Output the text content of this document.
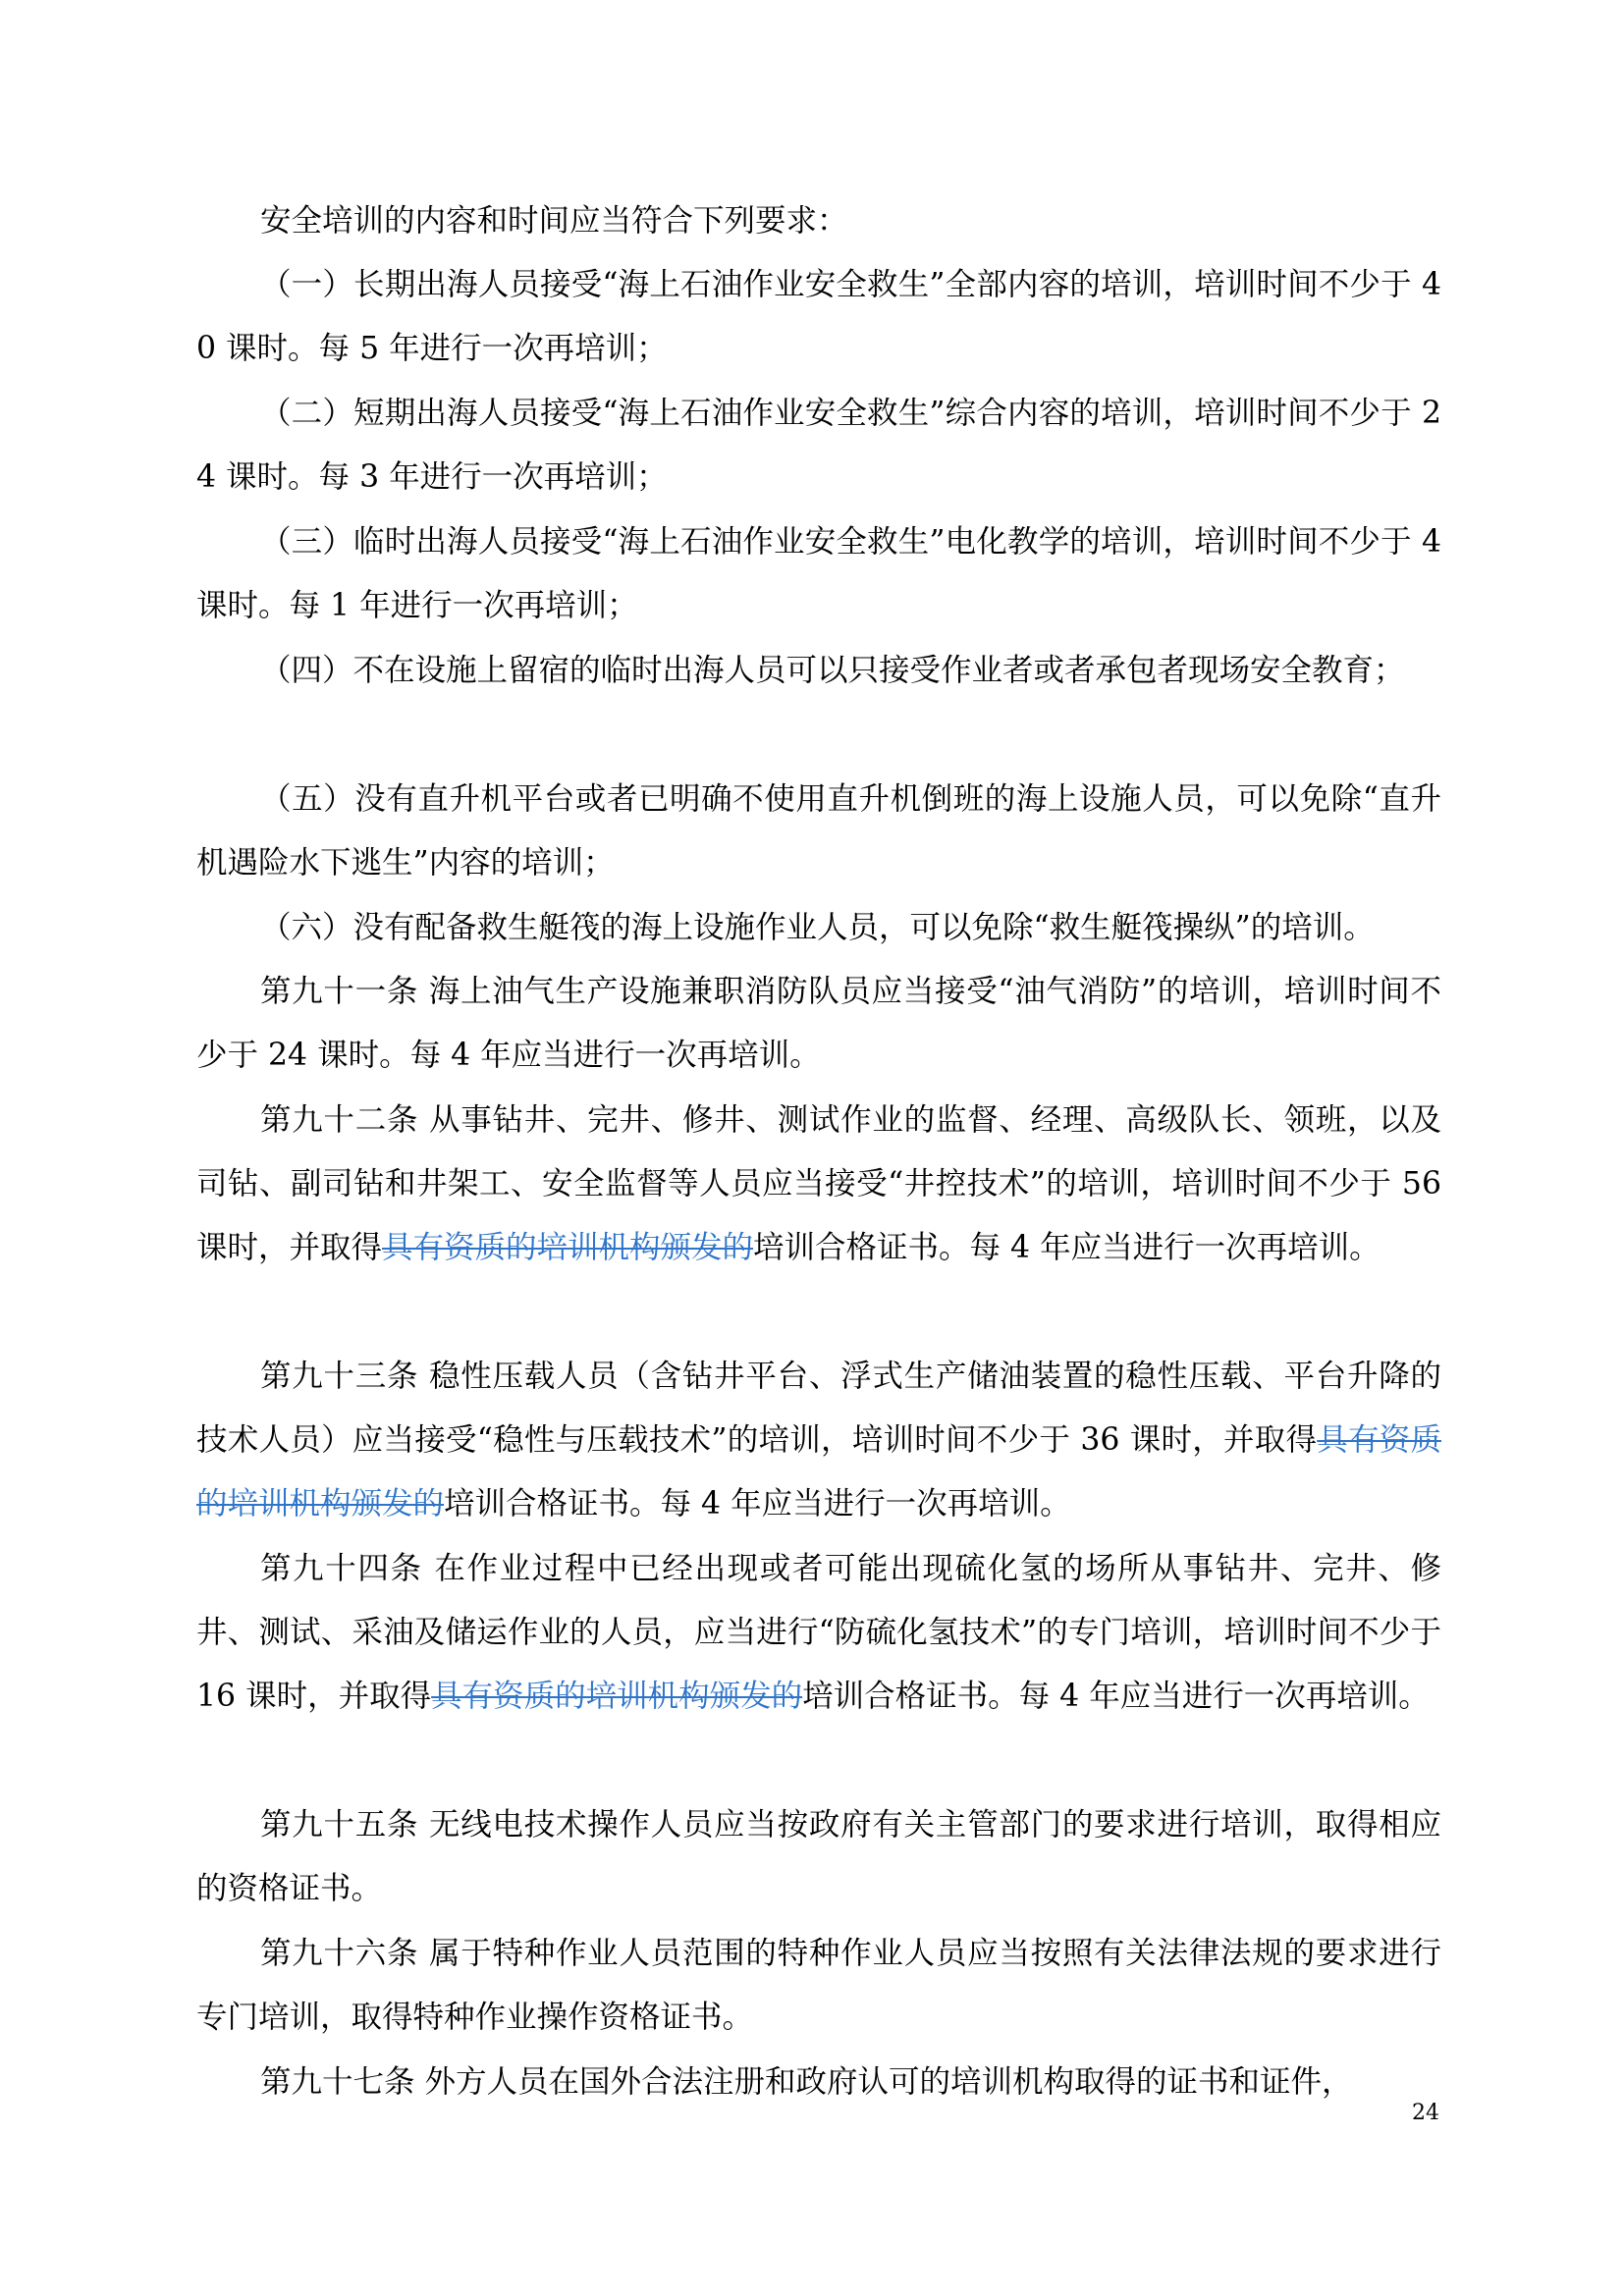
安全培训的内容和时间应当符合下列要求：

（一）长期出海人员接受“海上石油作业安全救生”全部内容的培训，培训时间不少于 40 课时。每 5 年进行一次再培训；

（二）短期出海人员接受“海上石油作业安全救生”综合内容的培训，培训时间不少于 24 课时。每 3 年进行一次再培训；

（三）临时出海人员接受“海上石油作业安全救生”电化教学的培训，培训时间不少于 4 课时。每 1 年进行一次再培训；

（四）不在设施上留宿的临时出海人员可以只接受作业者或者承包者现场安全教育；

（五）没有直升机平台或者已明确不使用直升机倒班的海上设施人员，可以免除“直升机遇险水下逃生”内容的培训；

（六）没有配备救生艇筏的海上设施作业人员，可以免除“救生艇筏操纵”的培训。

第九十一条 海上油气生产设施兼职消防队员应当接受“油气消防”的培训，培训时间不少于 24 课时。每 4 年应当进行一次再培训。

第九十二条 从事钻井、完井、修井、测试作业的监督、经理、高级队长、领班，以及司钻、副司钻和井架工、安全监督等人员应当接受“井控技术”的培训，培训时间不少于 56 课时，并取得具有资质的培训机构颁发的培训合格证书。每 4 年应当进行一次再培训。

第九十三条 稳性压载人员（含钻井平台、浮式生产储油装置的稳性压载、平台升降的技术人员）应当接受“稳性与压载技术”的培训，培训时间不少于 36 课时，并取得具有资质的培训机构颁发的培训合格证书。每 4 年应当进行一次再培训。

第九十四条 在作业过程中已经出现或者可能出现硫化氢的场所从事钻井、完井、修井、测试、采油及储运作业的人员，应当进行“防硫化氢技术”的专门培训，培训时间不少于 16 课时，并取得具有资质的培训机构颁发的培训合格证书。每 4 年应当进行一次再培训。

第九十五条 无线电技术操作人员应当按政府有关主管部门的要求进行培训，取得相应的资格证书。

第九十六条 属于特种作业人员范围的特种作业人员应当按照有关法律法规的要求进行专门培训，取得特种作业操作资格证书。

第九十七条 外方人员在国外合法注册和政府认可的培训机构取得的证书和证件，

24
